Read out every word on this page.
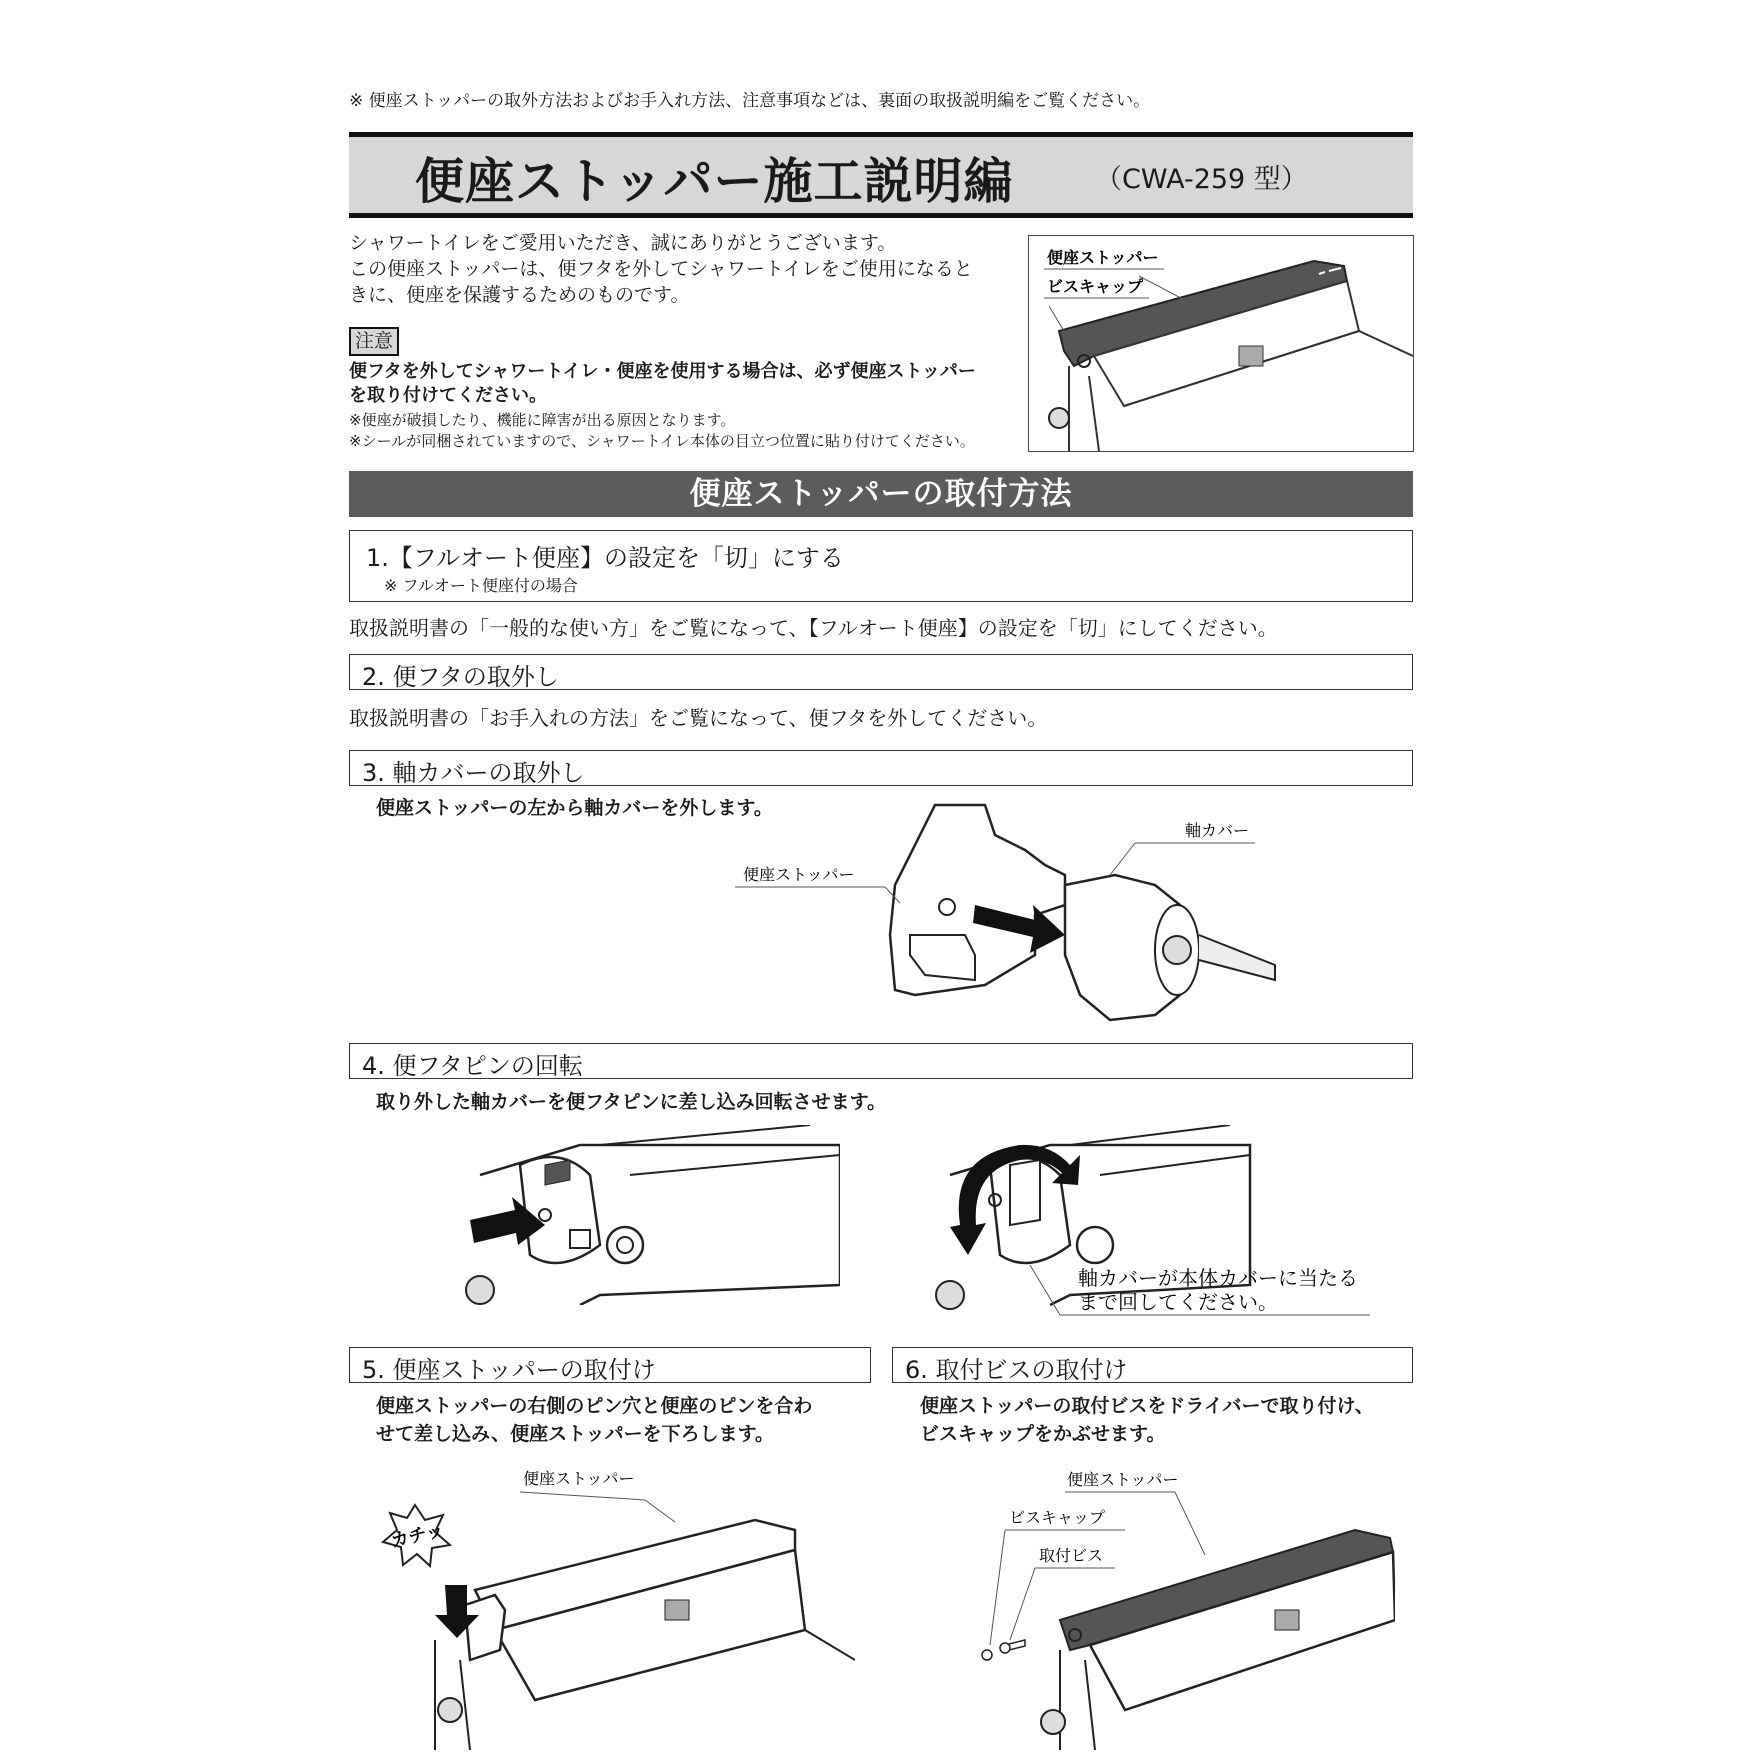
※ 便座ストッパーの取外方法およびお手入れ方法、注意事項などは、裏面の取扱説明編をご覧ください。
便座ストッパー施工説明編	（CWA-259 型）
シャワートイレをご愛用いただき、誠にありがとうございます。
この便座ストッパーは、便フタを外してシャワートイレをご使用になると
きに、便座を保護するためのものです。
注意
便フタを外してシャワートイレ・便座を使用する場合は、必ず便座ストッパー
を取り付けてください。
※便座が破損したり、機能に障害が出る原因となります。
※シールが同梱されていますので、シャワートイレ本体の目立つ位置に貼り付けてください。
便座ストッパー
ビスキャップ
便座ストッパーの取付方法
1.【フルオート便座】の設定を「切」にする
※ フルオート便座付の場合
取扱説明書の「一般的な使い方」をご覧になって、【フルオート便座】の設定を「切」にしてください。
2. 便フタの取外し
取扱説明書の「お手入れの方法」をご覧になって、便フタを外してください。
3. 軸カバーの取外し
便座ストッパーの左から軸カバーを外します。
便座ストッパー
軸カバー
4. 便フタピンの回転
取り外した軸カバーを便フタピンに差し込み回転させます。
軸カバーが本体カバーに当たる
まで回してください。
5. 便座ストッパーの取付け
便座ストッパーの右側のピン穴と便座のピンを合わ
せて差し込み、便座ストッパーを下ろします。
カチッ
便座ストッパー
6. 取付ビスの取付け
便座ストッパーの取付ビスをドライバーで取り付け、
ビスキャップをかぶせます。
便座ストッパー
ビスキャップ
取付ビス
